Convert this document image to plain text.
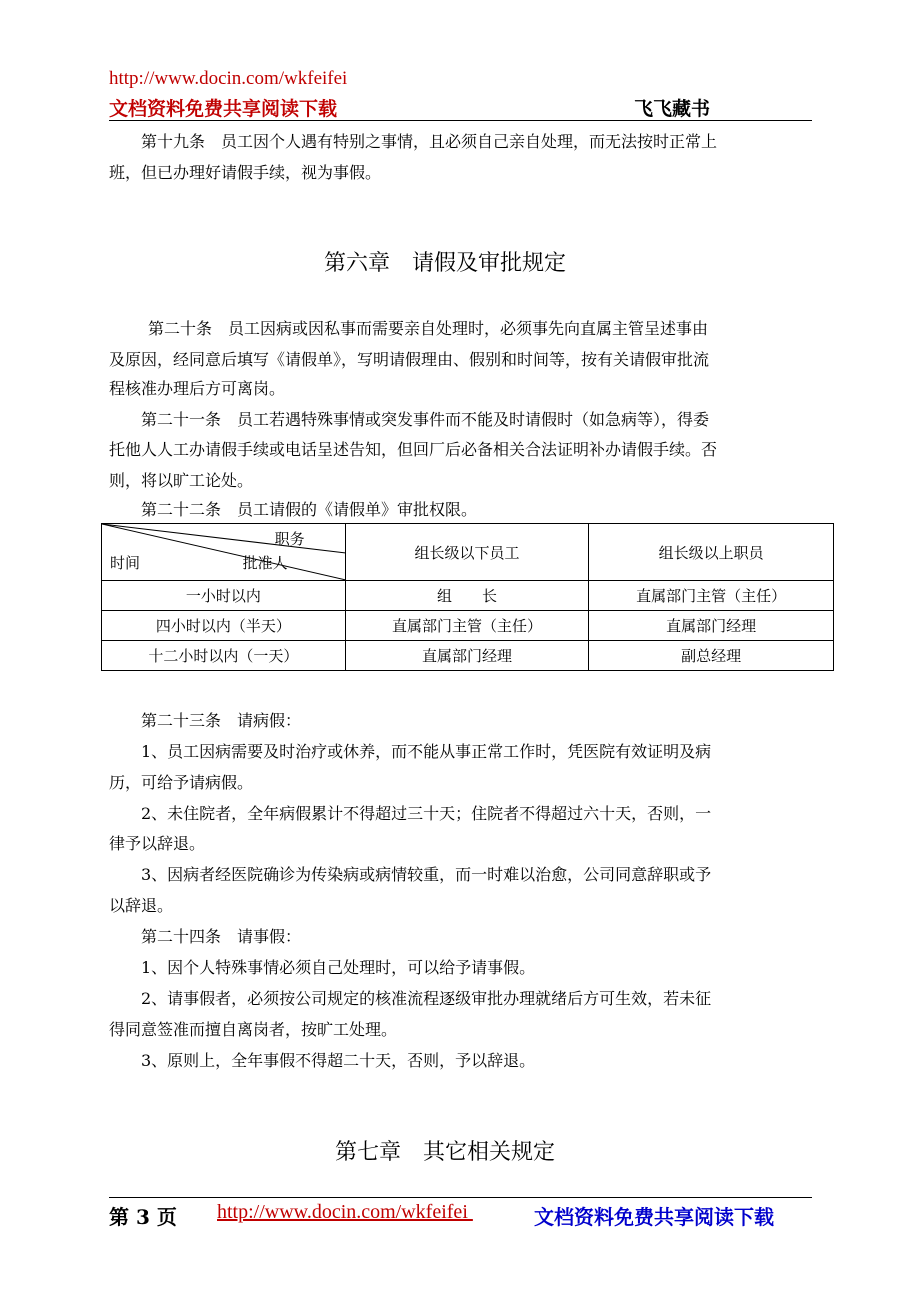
http://www.docin.com/wkfeifei
文档资料免费共享阅读下载	飞飞藏书
　　第十九条　员工因个人遇有特别之事情，且必须自己亲自处理，而无法按时正常上
班，但已办理好请假手续，视为事假。
第六章　请假及审批规定
　　第二十条　员工因病或因私事而需要亲自处理时，必须事先向直属主管呈述事由
及原因，经同意后填写《请假单》，写明请假理由、假别和时间等，按有关请假审批流
程核准办理后方可离岗。
　　第二十一条　员工若遇特殊事情或突发事件而不能及时请假时（如急病等），得委
托他人人工办请假手续或电话呈述告知，但回厂后必备相关合法证明补办请假手续。否
则，将以旷工论处。
　　第二十二条　员工请假的《请假单》审批权限。
职务
批准人
时间	组长级以下员工	组长级以上职员
一小时以内	组　　长	直属部门主管（主任）
四小时以内（半天）	直属部门主管（主任）	直属部门经理
十二小时以内（一天）	直属部门经理	副总经理
　　第二十三条　请病假：
　　1、员工因病需要及时治疗或休养，而不能从事正常工作时，凭医院有效证明及病
历，可给予请病假。
　　2、未住院者，全年病假累计不得超过三十天；住院者不得超过六十天，否则，一
律予以辞退。
　　3、因病者经医院确诊为传染病或病情较重，而一时难以治愈，公司同意辞职或予
以辞退。
　　第二十四条　请事假：
　　1、因个人特殊事情必须自己处理时，可以给予请事假。
　　2、请事假者，必须按公司规定的核准流程逐级审批办理就绪后方可生效，若未征
得同意签准而擅自离岗者，按旷工处理。
　　3、原则上，全年事假不得超二十天，否则，予以辞退。
第七章　其它相关规定
第 3 页 http://www.docin.com/wkfeifei	文档资料免费共享阅读下载
